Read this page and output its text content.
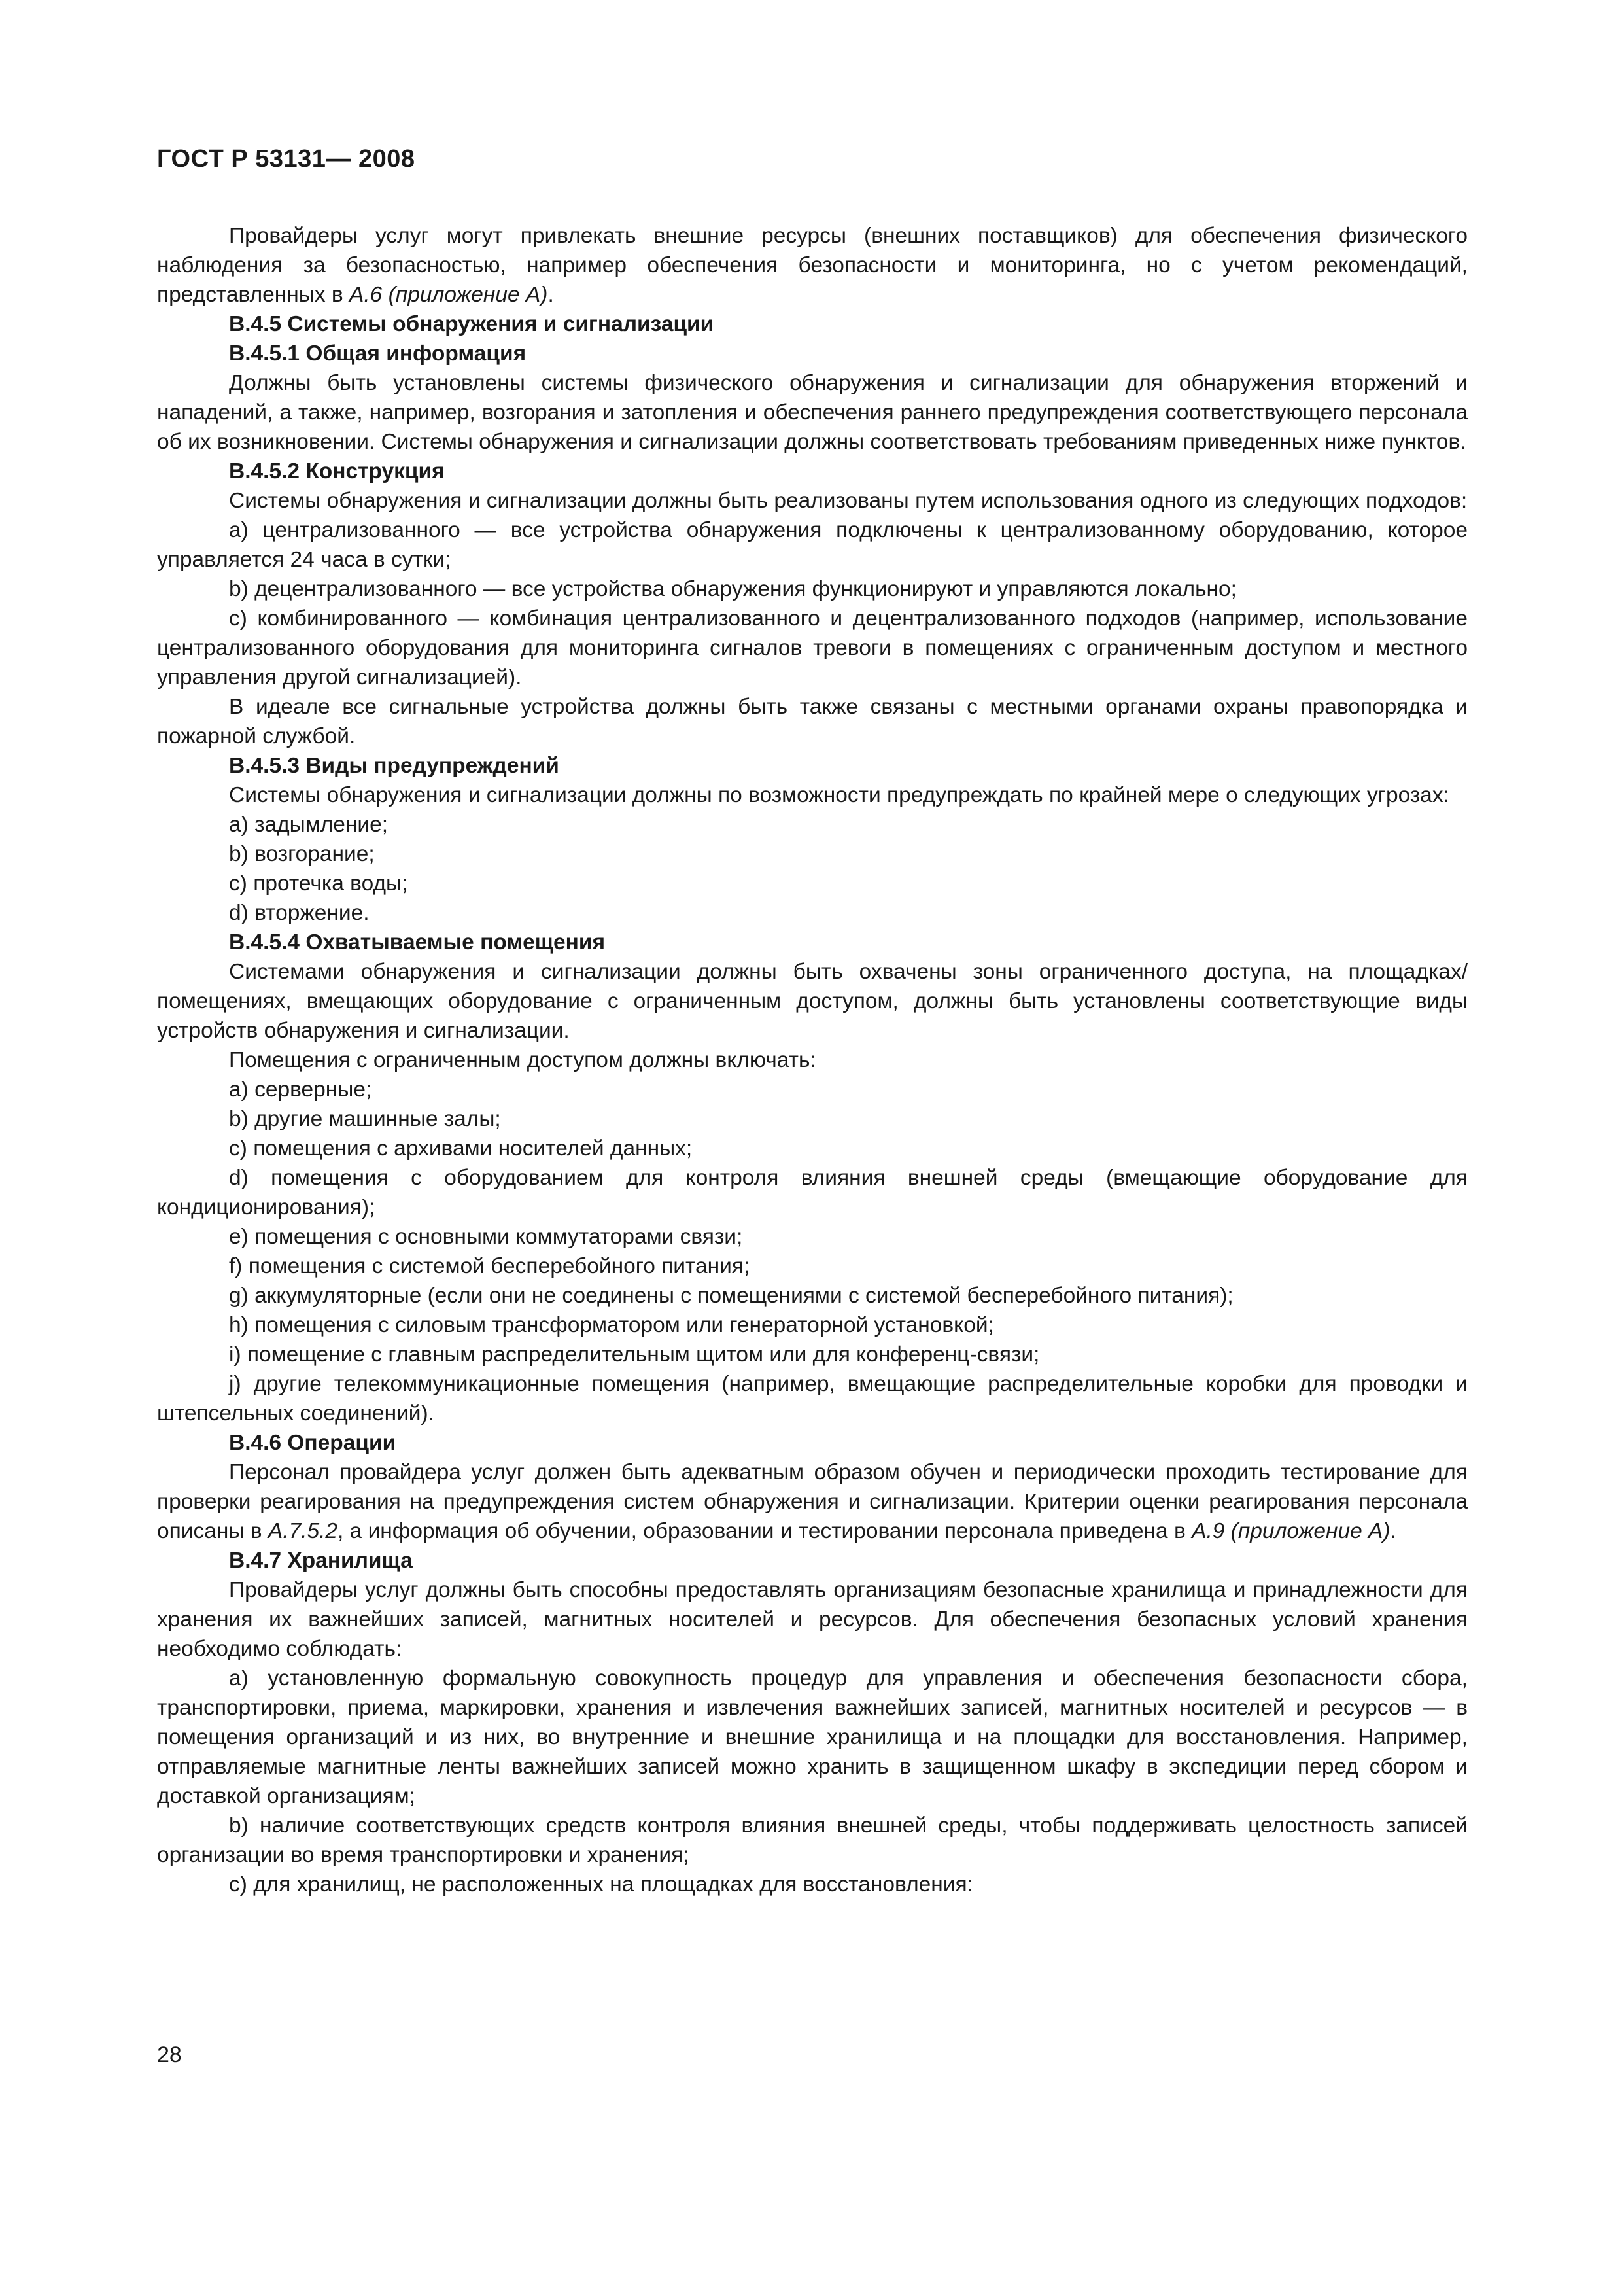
ГОСТ Р 53131— 2008

Провайдеры услуг могут привлекать внешние ресурсы (внешних поставщиков) для обеспечения физического наблюдения за безопасностью, например обеспечения безопасности и мониторинга, но с учетом рекомендаций, представленных в А.6 (приложение А).

В.4.5 Системы обнаружения и сигнализации

В.4.5.1 Общая информация

Должны быть установлены системы физического обнаружения и сигнализации для обнаружения вторжений и нападений, а также, например, возгорания и затопления и обеспечения раннего предупреждения соответствующего персонала об их возникновении. Системы обнаружения и сигнализации должны соответствовать требованиям приведенных ниже пунктов.

В.4.5.2 Конструкция

Системы обнаружения и сигнализации должны быть реализованы путем использования одного из следующих подходов:

а) централизованного — все устройства обнаружения подключены к централизованному оборудованию, которое управляется 24 часа в сутки;

b) децентрализованного — все устройства обнаружения функционируют и управляются локально;

с) комбинированного — комбинация централизованного и децентрализованного подходов (например, использование централизованного оборудования для мониторинга сигналов тревоги в помещениях с ограниченным доступом и местного управления другой сигнализацией).

В идеале все сигнальные устройства должны быть также связаны с местными органами охраны правопорядка и пожарной службой.

В.4.5.3 Виды предупреждений

Системы обнаружения и сигнализации должны по возможности предупреждать по крайней мере о следующих угрозах:

а) задымление;

b) возгорание;

с) протечка воды;

d) вторжение.

В.4.5.4 Охватываемые помещения

Системами обнаружения и сигнализации должны быть охвачены зоны ограниченного доступа, на площадках/помещениях, вмещающих оборудование с ограниченным доступом, должны быть установлены соответствующие виды устройств обнаружения и сигнализации.

Помещения с ограниченным доступом должны включать:

а) серверные;

b) другие машинные залы;

с) помещения с архивами носителей данных;

d) помещения с оборудованием для контроля влияния внешней среды (вмещающие оборудование для кондиционирования);

е) помещения с основными коммутаторами связи;

f) помещения с системой бесперебойного питания;

g) аккумуляторные (если они не соединены с помещениями с системой бесперебойного питания);

h) помещения с силовым трансформатором или генераторной установкой;

i) помещение с главным распределительным щитом или для конференц-связи;

j) другие телекоммуникационные помещения (например, вмещающие распределительные коробки для проводки и штепсельных соединений).

В.4.6 Операции

Персонал провайдера услуг должен быть адекватным образом обучен и периодически проходить тестирование для проверки реагирования на предупреждения систем обнаружения и сигнализации. Критерии оценки реагирования персонала описаны в А.7.5.2, а информация об обучении, образовании и тестировании персонала приведена в А.9 (приложение А).

В.4.7 Хранилища

Провайдеры услуг должны быть способны предоставлять организациям безопасные хранилища и принадлежности для хранения их важнейших записей, магнитных носителей и ресурсов. Для обеспечения безопасных условий хранения необходимо соблюдать:

а) установленную формальную совокупность процедур для управления и обеспечения безопасности сбора, транспортировки, приема, маркировки, хранения и извлечения важнейших записей, магнитных носителей и ресурсов — в помещения организаций и из них, во внутренние и внешние хранилища и на площадки для восстановления. Например, отправляемые магнитные ленты важнейших записей можно хранить в защищенном шкафу в экспедиции перед сбором и доставкой организациям;

b) наличие соответствующих средств контроля влияния внешней среды, чтобы поддерживать целостность записей организации во время транспортировки и хранения;

с) для хранилищ, не расположенных на площадках для восстановления:

28
